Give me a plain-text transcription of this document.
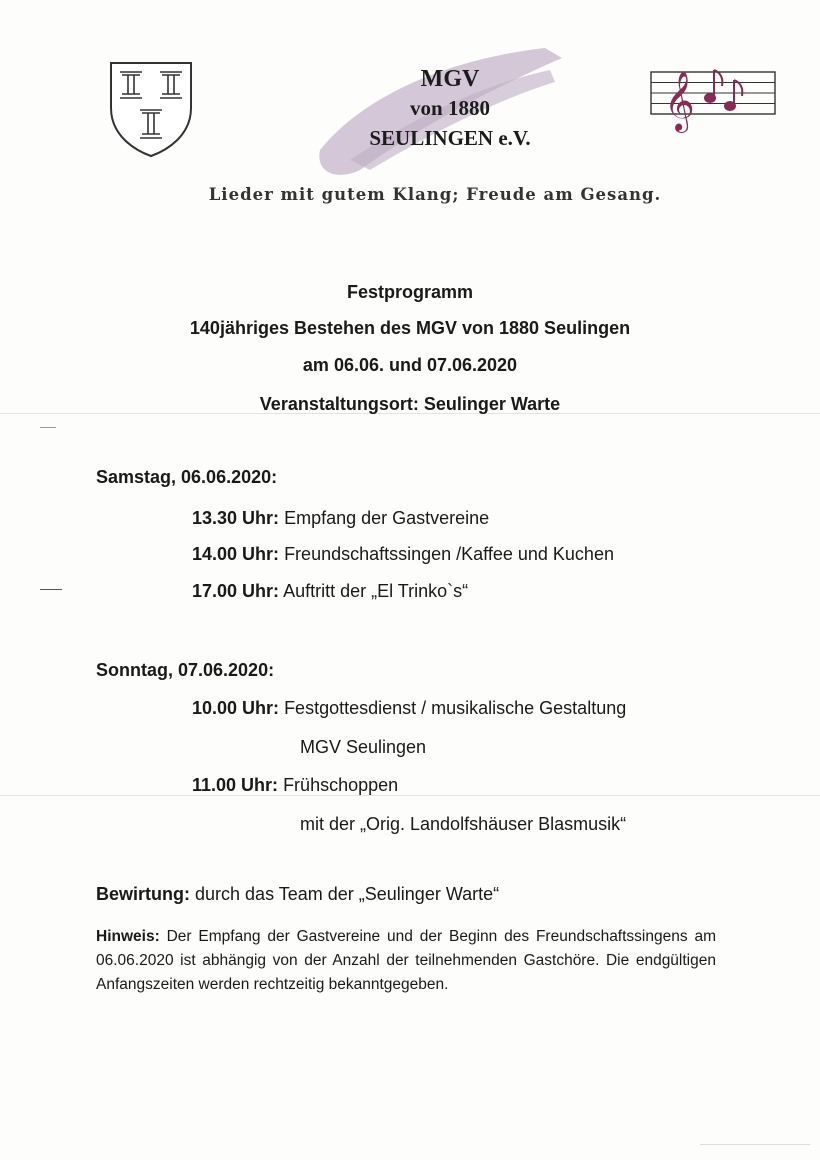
MGV
von 1880
SEULINGEN e.V.
𝄞
Lieder mit gutem Klang; Freude am Gesang.
Festprogramm
140jähriges Bestehen des MGV von 1880 Seulingen
am 06.06. und 07.06.2020
Veranstaltungsort: Seulinger Warte
Samstag, 06.06.2020:
13.30 Uhr: Empfang der Gastvereine
14.00 Uhr: Freundschaftssingen /Kaffee und Kuchen
17.00 Uhr: Auftritt der „El Trinko`s“
Sonntag, 07.06.2020:
10.00 Uhr: Festgottesdienst / musikalische Gestaltung
MGV Seulingen
11.00 Uhr: Frühschoppen
mit der „Orig. Landolfshäuser Blasmusik“
Bewirtung: durch das Team der „Seulinger Warte“
Hinweis: Der Empfang der Gastvereine und der Beginn des Freundschaftssingens am 06.06.2020 ist abhängig von der Anzahl der teilnehmenden Gastchöre. Die endgültigen Anfangszeiten werden rechtzeitig bekanntgegeben.
